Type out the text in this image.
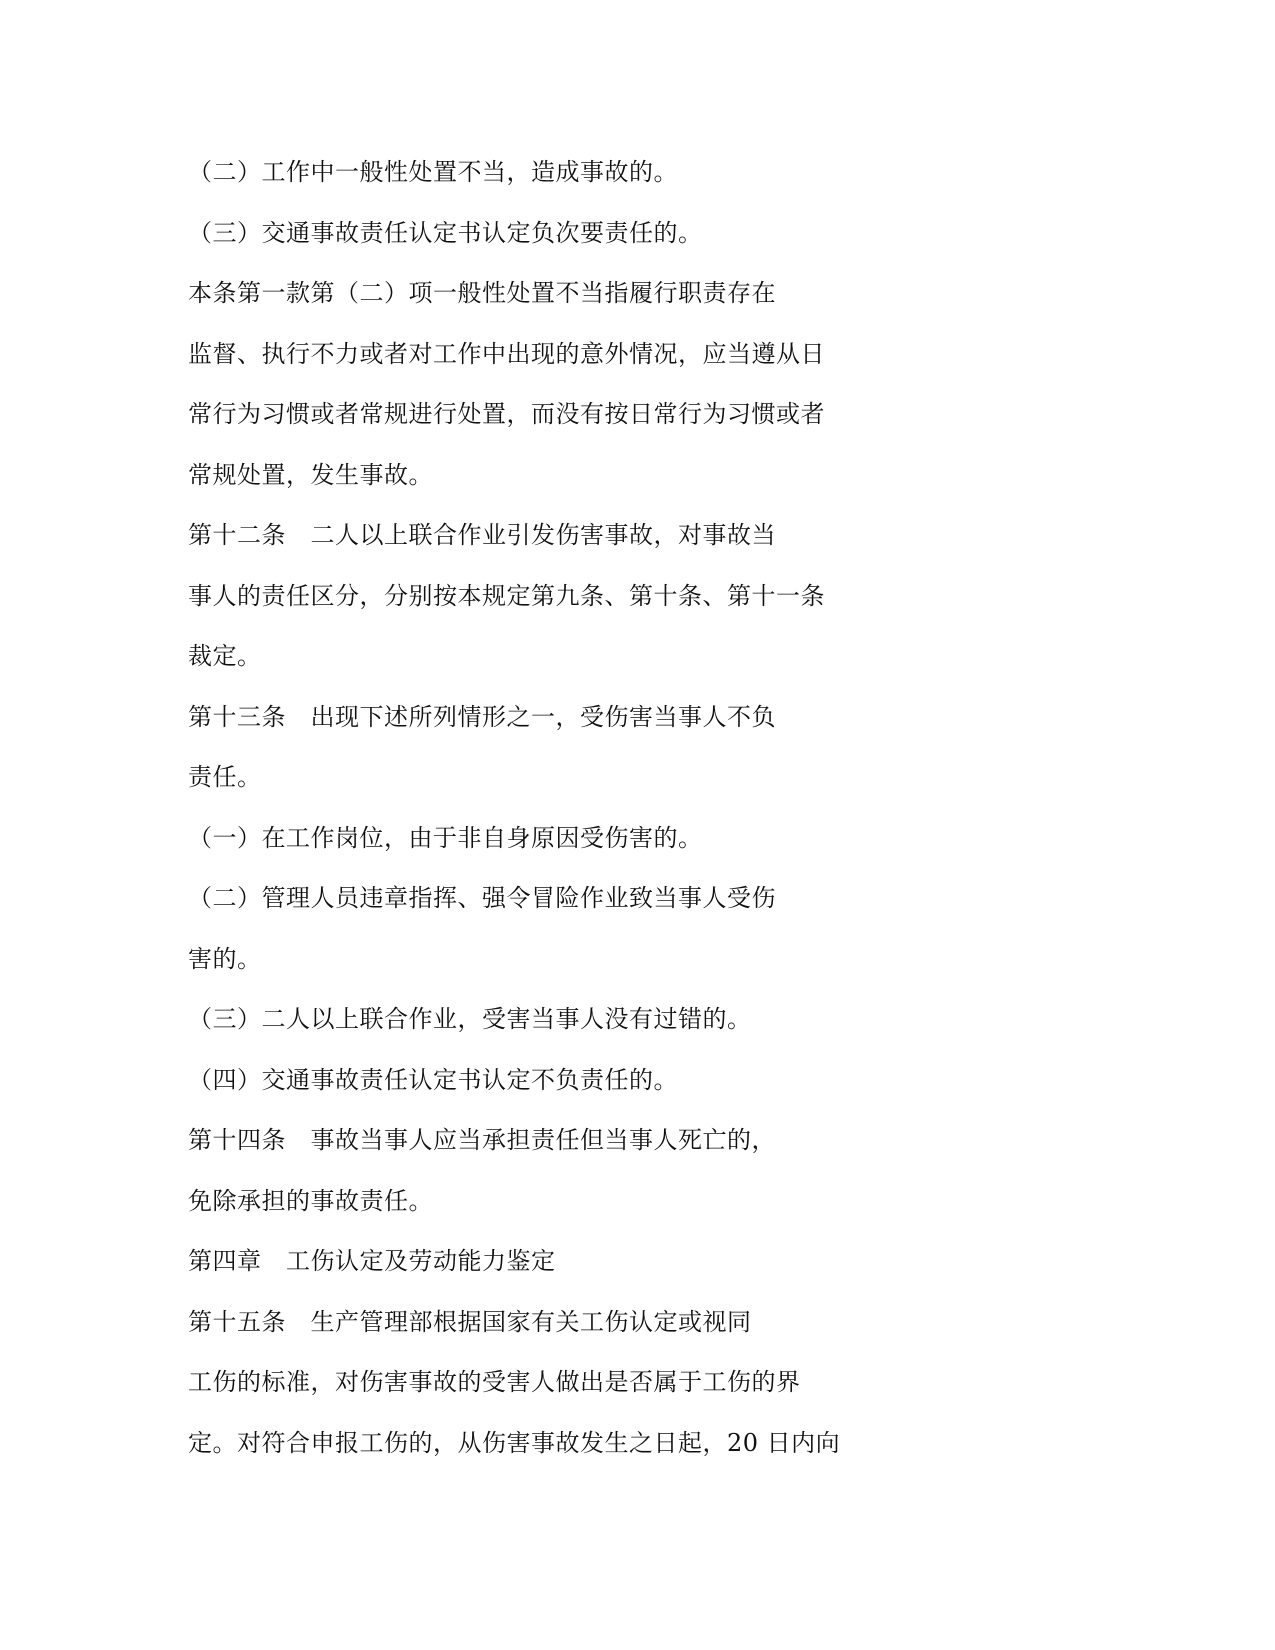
（二）工作中一般性处置不当，造成事故的。
（三）交通事故责任认定书认定负次要责任的。
本条第一款第（二）项一般性处置不当指履行职责存在
监督、执行不力或者对工作中出现的意外情况，应当遵从日
常行为习惯或者常规进行处置，而没有按日常行为习惯或者
常规处置，发生事故。
第十二条　二人以上联合作业引发伤害事故，对事故当
事人的责任区分，分别按本规定第九条、第十条、第十一条
裁定。
第十三条　出现下述所列情形之一，受伤害当事人不负
责任。
（一）在工作岗位，由于非自身原因受伤害的。
（二）管理人员违章指挥、强令冒险作业致当事人受伤
害的。
（三）二人以上联合作业，受害当事人没有过错的。
（四）交通事故责任认定书认定不负责任的。
第十四条　事故当事人应当承担责任但当事人死亡的，
免除承担的事故责任。
第四章　工伤认定及劳动能力鉴定
第十五条　生产管理部根据国家有关工伤认定或视同
工伤的标准，对伤害事故的受害人做出是否属于工伤的界
定。对符合申报工伤的，从伤害事故发生之日起，20 日内向
